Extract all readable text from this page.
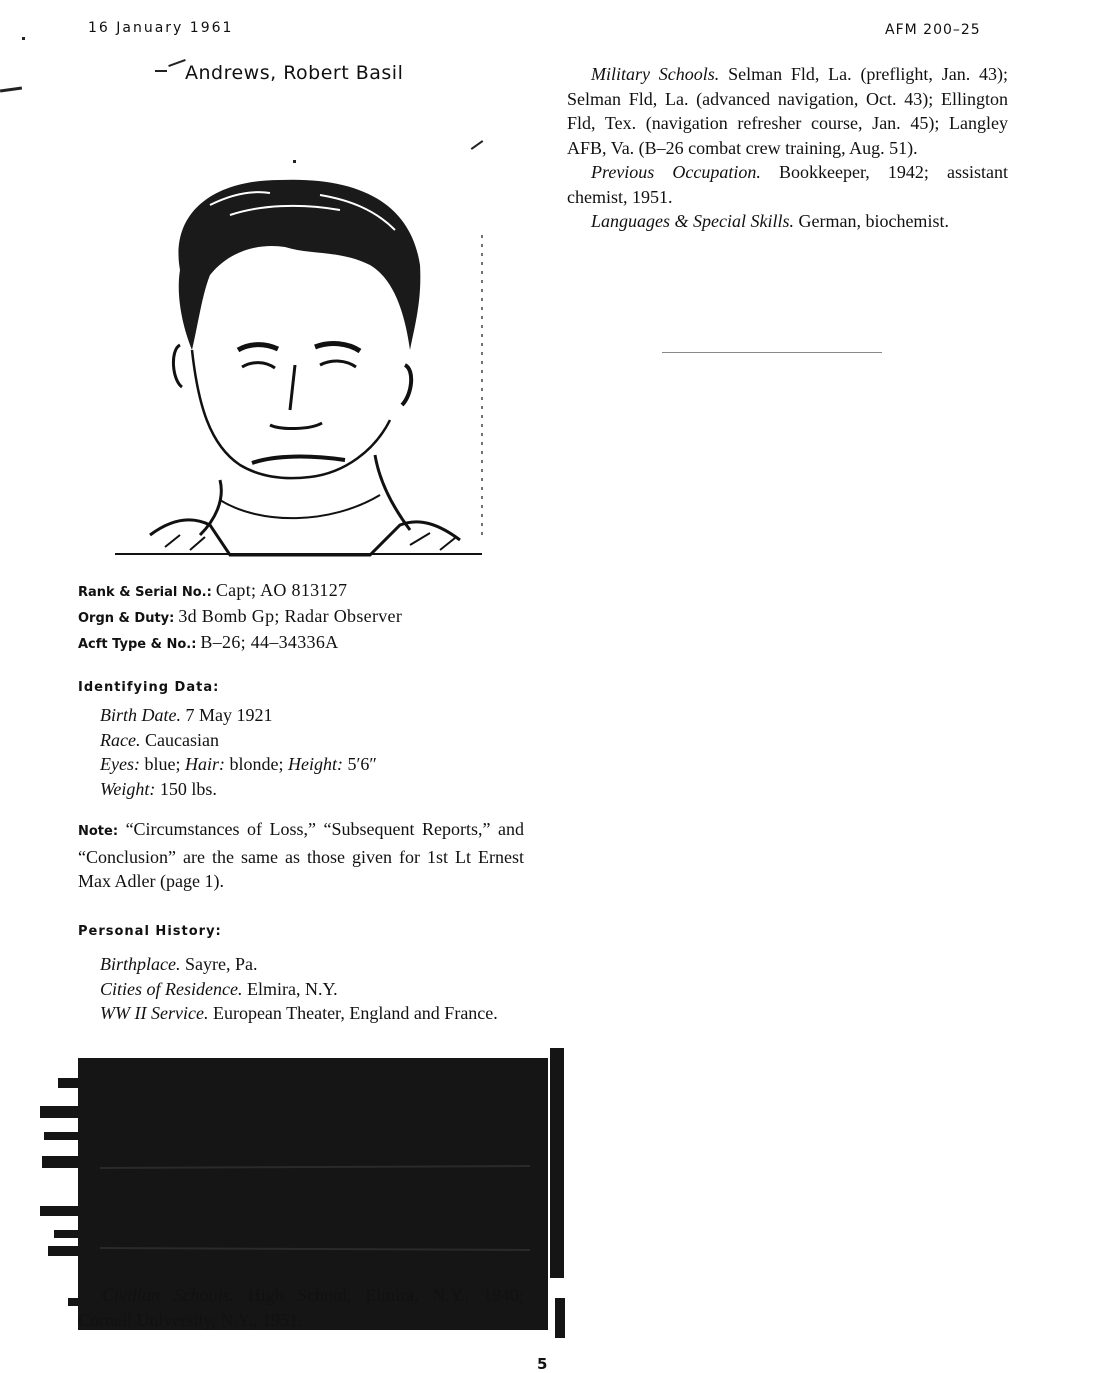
16 January 1961	AFM 200–25
Andrews, Robert Basil
Rank & Serial No.: Capt; AO 813127
Orgn & Duty: 3d Bomb Gp; Radar Observer
Acft Type & No.: B–26; 44–34336A
Identifying Data:
Birth Date. 7 May 1921
Race. Caucasian
Eyes: blue; Hair: blonde; Height: 5′6″
Weight: 150 lbs.
Note: “Circumstances of Loss,” “Subsequent Reports,” and “Conclusion” are the same as those given for 1st Lt Ernest Max Adler (page 1).
Personal History:
Birthplace. Sayre, Pa.
Cities of Residence. Elmira, N.Y.
WW II Service. European Theater, England and France.
Civilian Schools. High School, Elmira, N.Y., 1940; Cornell University, N.Y., 1951.
5

Military Schools. Selman Fld, La. (preflight, Jan. 43); Selman Fld, La. (advanced navigation, Oct. 43); Ellington Fld, Tex. (navigation refresher course, Jan. 45); Langley AFB, Va. (B–26 combat crew training, Aug. 51).

Previous Occupation. Bookkeeper, 1942; assistant chemist, 1951.

Languages & Special Skills. German, biochemist.
